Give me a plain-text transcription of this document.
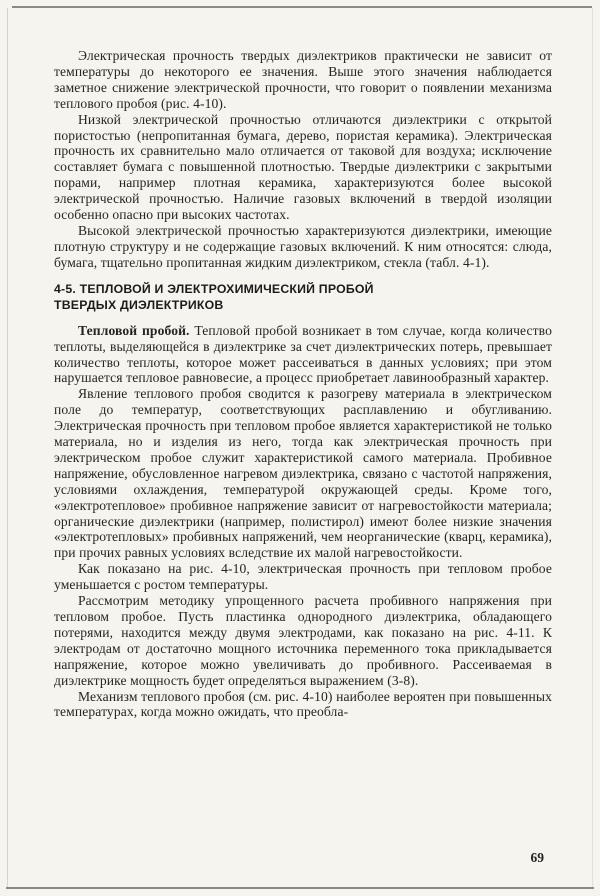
Электрическая прочность твердых диэлектриков практически не зависит от температуры до некоторого ее значения. Выше этого значения наблюдается заметное снижение электрической прочности, что говорит о появлении механизма теплового пробоя (рис. 4-10).

Низкой электрической прочностью отличаются диэлектрики с открытой пористостью (непропитанная бумага, дерево, пористая керамика). Электрическая прочность их сравнительно мало отличается от таковой для воздуха; исключение составляет бумага с повышенной плотностью. Твердые диэлектрики с закрытыми порами, например плотная керамика, характеризуются более высокой электрической прочностью. Наличие газовых включений в твердой изоляции особенно опасно при высоких частотах.

Высокой электрической прочностью характеризуются диэлектрики, имеющие плотную структуру и не содержащие газовых включений. К ним относятся: слюда, бумага, тщательно пропитанная жидким диэлектриком, стекла (табл. 4-1).

4-5. ТЕПЛОВОЙ И ЭЛЕКТРОХИМИЧЕСКИЙ ПРОБОЙ
ТВЕРДЫХ ДИЭЛЕКТРИКОВ

Тепловой пробой. Тепловой пробой возникает в том случае, когда количество теплоты, выделяющейся в диэлектрике за счет диэлектрических потерь, превышает количество теплоты, которое может рассеиваться в данных условиях; при этом нарушается тепловое равновесие, а процесс приобретает лавинообразный характер.

Явление теплового пробоя сводится к разогреву материала в электрическом поле до температур, соответствующих расплавлению и обугливанию. Электрическая прочность при тепловом пробое является характеристикой не только материала, но и изделия из него, тогда как электрическая прочность при электрическом пробое служит характеристикой самого материала. Пробивное напряжение, обусловленное нагревом диэлектрика, связано с частотой напряжения, условиями охлаждения, температурой окружающей среды. Кроме того, «электротепловое» пробивное напряжение зависит от нагревостойкости материала; органические диэлектрики (например, полистирол) имеют более низкие значения «электротепловых» пробивных напряжений, чем неорганические (кварц, керамика), при прочих равных условиях вследствие их малой нагревостойкости.

Как показано на рис. 4-10, электрическая прочность при тепловом пробое уменьшается с ростом температуры.

Рассмотрим методику упрощенного расчета пробивного напряжения при тепловом пробое. Пусть пластинка однородного диэлектрика, обладающего потерями, находится между двумя электродами, как показано на рис. 4-11. К электродам от достаточно мощного источника переменного тока прикладывается напряжение, которое можно увеличивать до пробивного. Рассеиваемая в диэлектрике мощность будет определяться выражением (3-8).

Механизм теплового пробоя (см. рис. 4-10) наиболее вероятен при повышенных температурах, когда можно ожидать, что преобла-

69
